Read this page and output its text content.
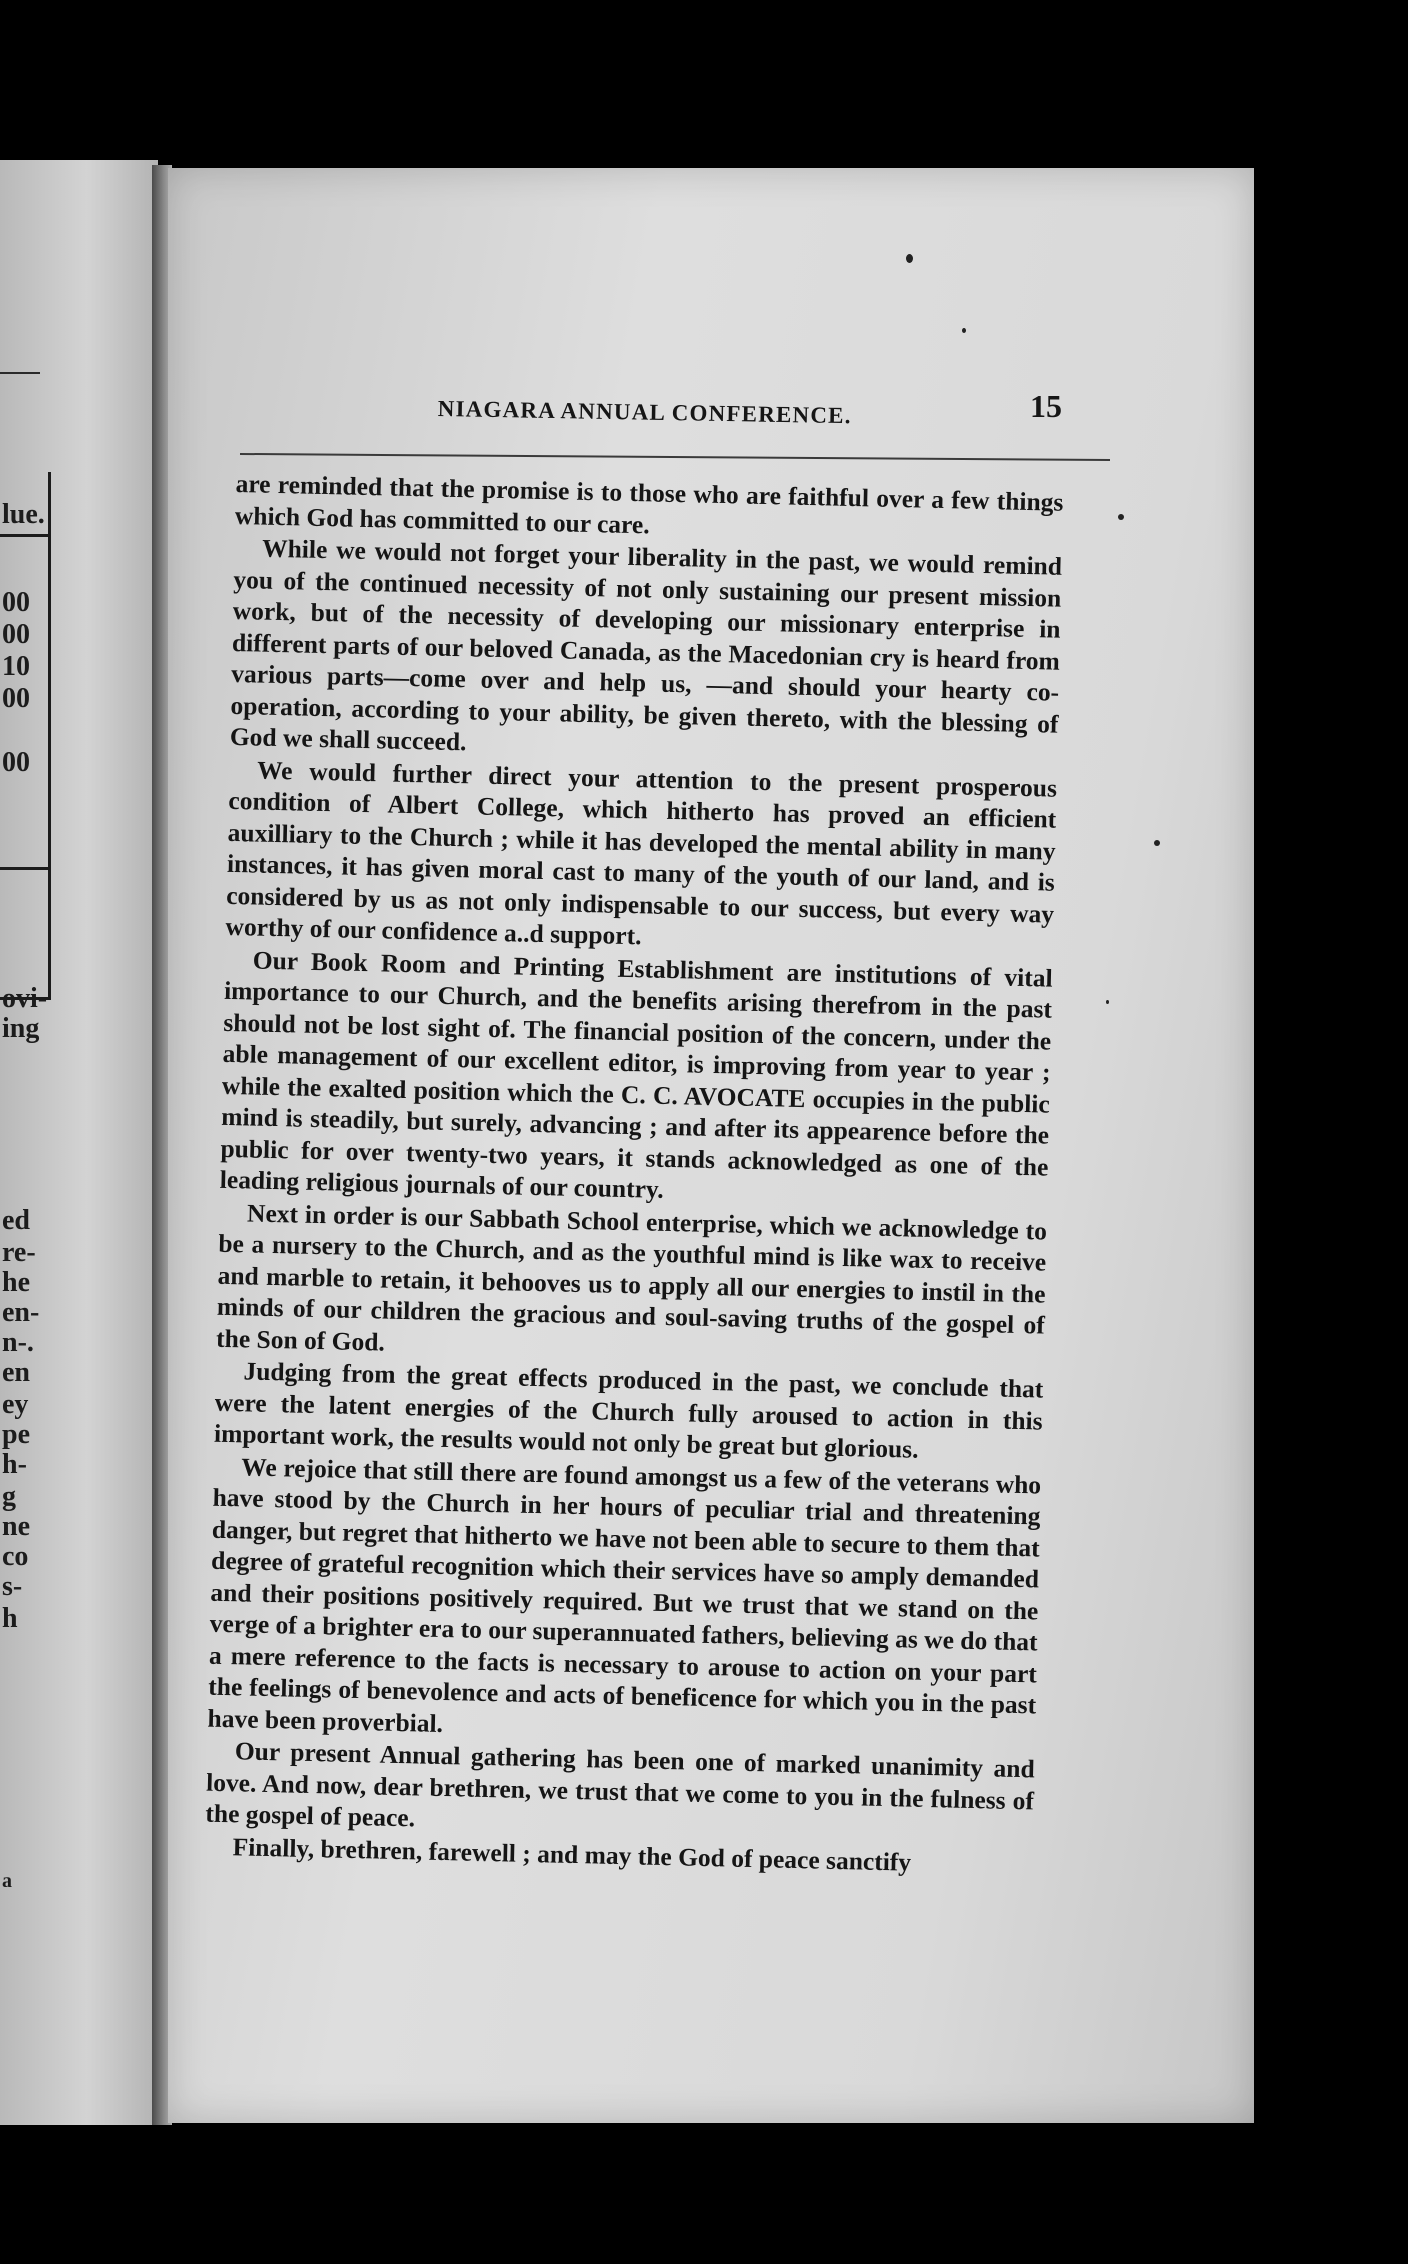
lue.
00
00
10
00
00
ovi-
ing
ed
re-
he
en-
n-.
en
ey
pe
h-
g
ne
co
s-
h
a
NIAGARA ANNUAL CONFERENCE.	15

are reminded that the promise is to those who are faithful over a few things which God has committed to our care.

While we would not forget your liberality in the past, we would remind you of the continued necessity of not only sustaining our present mission work, but of the necessity of developing our missionary enterprise in different parts of our beloved Canada, as the Macedonian cry is heard from various parts—come over and help us, —and should your hearty co-operation, according to your ability, be given thereto, with the blessing of God we shall succeed.

We would further direct your attention to the present prosperous condition of Albert College, which hitherto has proved an efficient auxilliary to the Church ; while it has developed the mental ability in many instances, it has given moral cast to many of the youth of our land, and is considered by us as not only indispensable to our success, but every way worthy of our confidence a..d support.

Our Book Room and Printing Establishment are institutions of vital importance to our Church, and the benefits arising therefrom in the past should not be lost sight of. The financial position of the concern, under the able management of our excellent editor, is improving from year to year ; while the exalted position which the C. C. AVOCATE occupies in the public mind is steadily, but surely, advancing ; and after its appearence before the public for over twenty-two years, it stands acknowledged as one of the leading religious journals of our country.

Next in order is our Sabbath School enterprise, which we acknowledge to be a nursery to the Church, and as the youthful mind is like wax to receive and marble to retain, it behooves us to apply all our energies to instil in the minds of our children the gracious and soul-saving truths of the gospel of the Son of God.

Judging from the great effects produced in the past, we conclude that were the latent energies of the Church fully aroused to action in this important work, the results would not only be great but glorious.

We rejoice that still there are found amongst us a few of the veterans who have stood by the Church in her hours of peculiar trial and threatening danger, but regret that hitherto we have not been able to secure to them that degree of grateful recognition which their services have so amply demanded and their positions positively required. But we trust that we stand on the verge of a brighter era to our superannuated fathers, believing as we do that a mere reference to the facts is necessary to arouse to action on your part the feelings of benevolence and acts of beneficence for which you in the past have been proverbial.

Our present Annual gathering has been one of marked unanimity and love. And now, dear brethren, we trust that we come to you in the fulness of the gospel of peace.

Finally, brethren, farewell ; and may the God of peace sanctify
